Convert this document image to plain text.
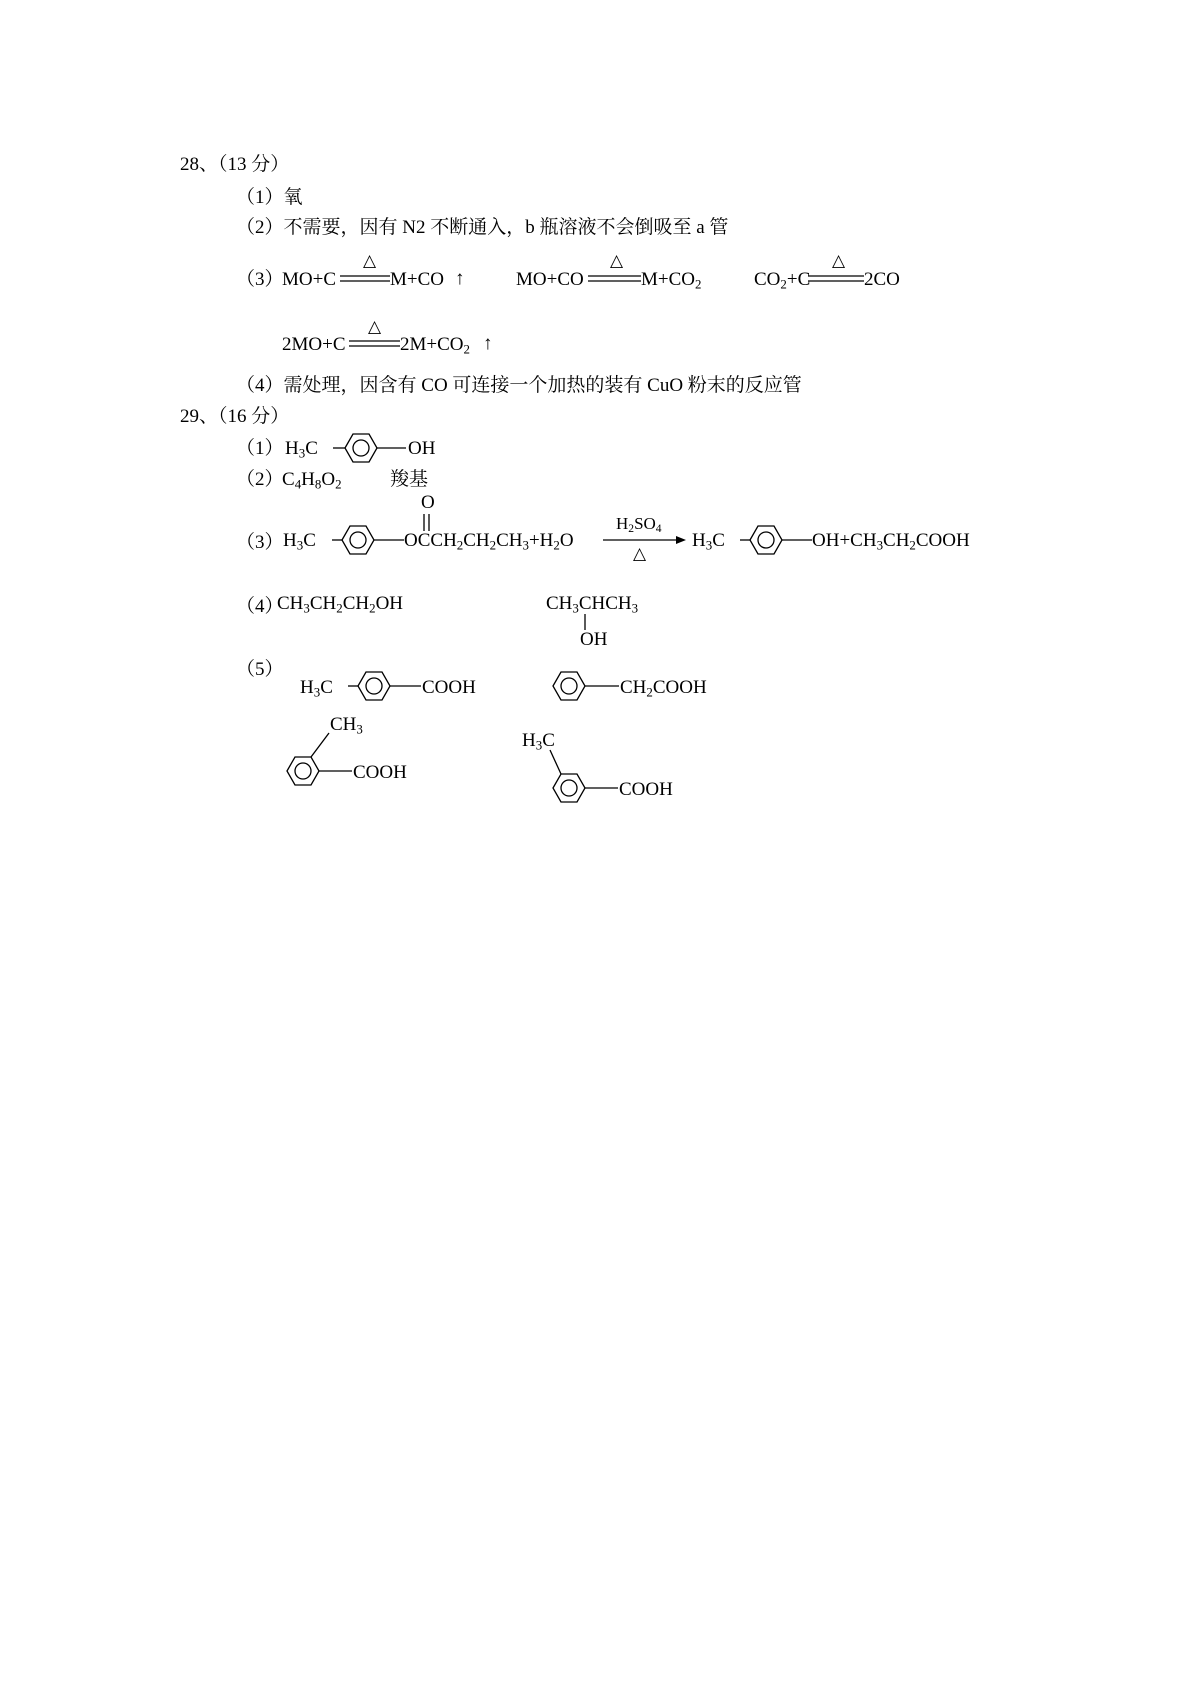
28、（13 分）
（1）氧
（2）不需要，因有 N2 不断通入，b 瓶溶液不会倒吸至 a 管
（3）
MO+C
△
M+CO ↑	MO+CO
△
$M+CO_2$	$CO_2+C$
△
2CO
2MO+C
△
$2M+CO_2$ ↑
（4）需处理，因含有 CO 可连接一个加热的装有 CuO 粉末的反应管
29、（16 分）
（1） $H_3C$	OH
（2）
$C_4H_8O_2$	羧基
（3）
O
$H_3C$	$OCCH_2CH_2CH_3+H_2O$
$H_2SO_4$
△
$H_3C$	$OH+CH_3CH_2COOH$
（4）
$CH_3CH_2CH_2OH$	$CH_3CHCH_3$
OH
（5）
$H_3C$	COOH	$CH_2COOH$
$CH_3$
COOH
$H_3C$
COOH
